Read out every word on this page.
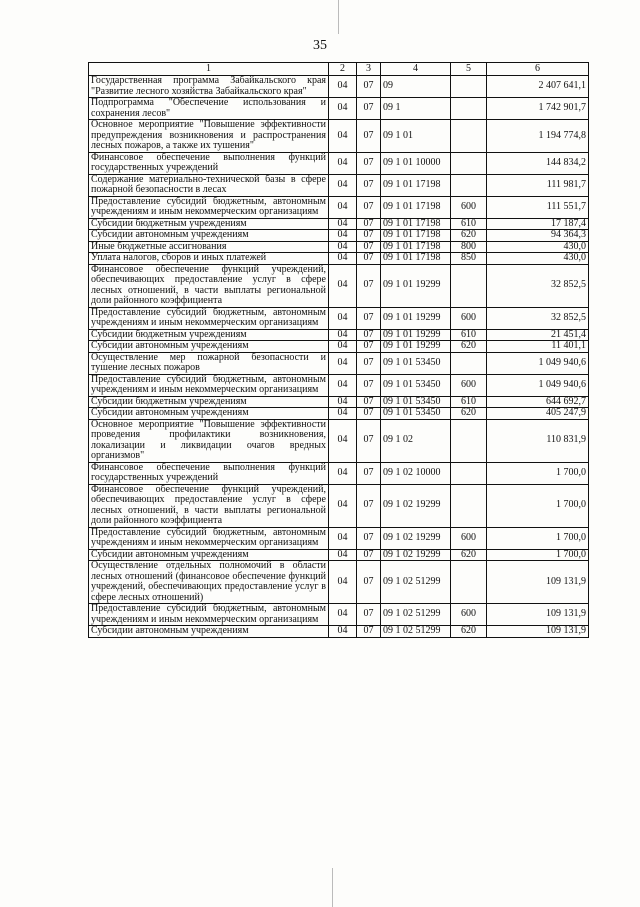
35
1	2	3	4	5	6
Государственная программа Забайкальского края "Развитие лесного хозяйства Забайкальского края"	04	07	09		2 407 641,1
Подпрограмма "Обеспечение использования и сохранения лесов"	04	07	09 1		1 742 901,7
Основное мероприятие "Повышение эффективности предупреждения возникновения и распространения лесных пожаров, а также их тушения"	04	07	09 1 01		1 194 774,8
Финансовое обеспечение выполнения функций государственных учреждений	04	07	09 1 01 10000		144 834,2
Содержание материально-технической базы в сфере пожарной безопасности в лесах	04	07	09 1 01 17198		111 981,7
Предоставление субсидий бюджетным, автономным учреждениям и иным некоммерческим организациям	04	07	09 1 01 17198	600	111 551,7
Субсидии бюджетным учреждениям	04	07	09 1 01 17198	610	17 187,4
Субсидии автономным учреждениям	04	07	09 1 01 17198	620	94 364,3
Иные бюджетные ассигнования	04	07	09 1 01 17198	800	430,0
Уплата налогов, сборов и иных платежей	04	07	09 1 01 17198	850	430,0
Финансовое обеспечение функций учреждений, обеспечивающих предоставление услуг в сфере лесных отношений, в части выплаты региональной доли районного коэффициента	04	07	09 1 01 19299		32 852,5
Предоставление субсидий бюджетным, автономным учреждениям и иным некоммерческим организациям	04	07	09 1 01 19299	600	32 852,5
Субсидии бюджетным учреждениям	04	07	09 1 01 19299	610	21 451,4
Субсидии автономным учреждениям	04	07	09 1 01 19299	620	11 401,1
Осуществление мер пожарной безопасности и тушение лесных пожаров	04	07	09 1 01 53450		1 049 940,6
Предоставление субсидий бюджетным, автономным учреждениям и иным некоммерческим организациям	04	07	09 1 01 53450	600	1 049 940,6
Субсидии бюджетным учреждениям	04	07	09 1 01 53450	610	644 692,7
Субсидии автономным учреждениям	04	07	09 1 01 53450	620	405 247,9
Основное мероприятие "Повышение эффективности проведения профилактики возникновения, локализации и ликвидации очагов вредных организмов"	04	07	09 1 02		110 831,9
Финансовое обеспечение выполнения функций государственных учреждений	04	07	09 1 02 10000		1 700,0
Финансовое обеспечение функций учреждений, обеспечивающих предоставление услуг в сфере лесных отношений, в части выплаты региональной доли районного коэффициента	04	07	09 1 02 19299		1 700,0
Предоставление субсидий бюджетным, автономным учреждениям и иным некоммерческим организациям	04	07	09 1 02 19299	600	1 700,0
Субсидии автономным учреждениям	04	07	09 1 02 19299	620	1 700,0
Осуществление отдельных полномочий в области лесных отношений (финансовое обеспечение функций учреждений, обеспечивающих предоставление услуг в сфере лесных отношений)	04	07	09 1 02 51299		109 131,9
Предоставление субсидий бюджетным, автономным учреждениям и иным некоммерческим организациям	04	07	09 1 02 51299	600	109 131,9
Субсидии автономным учреждениям	04	07	09 1 02 51299	620	109 131,9
